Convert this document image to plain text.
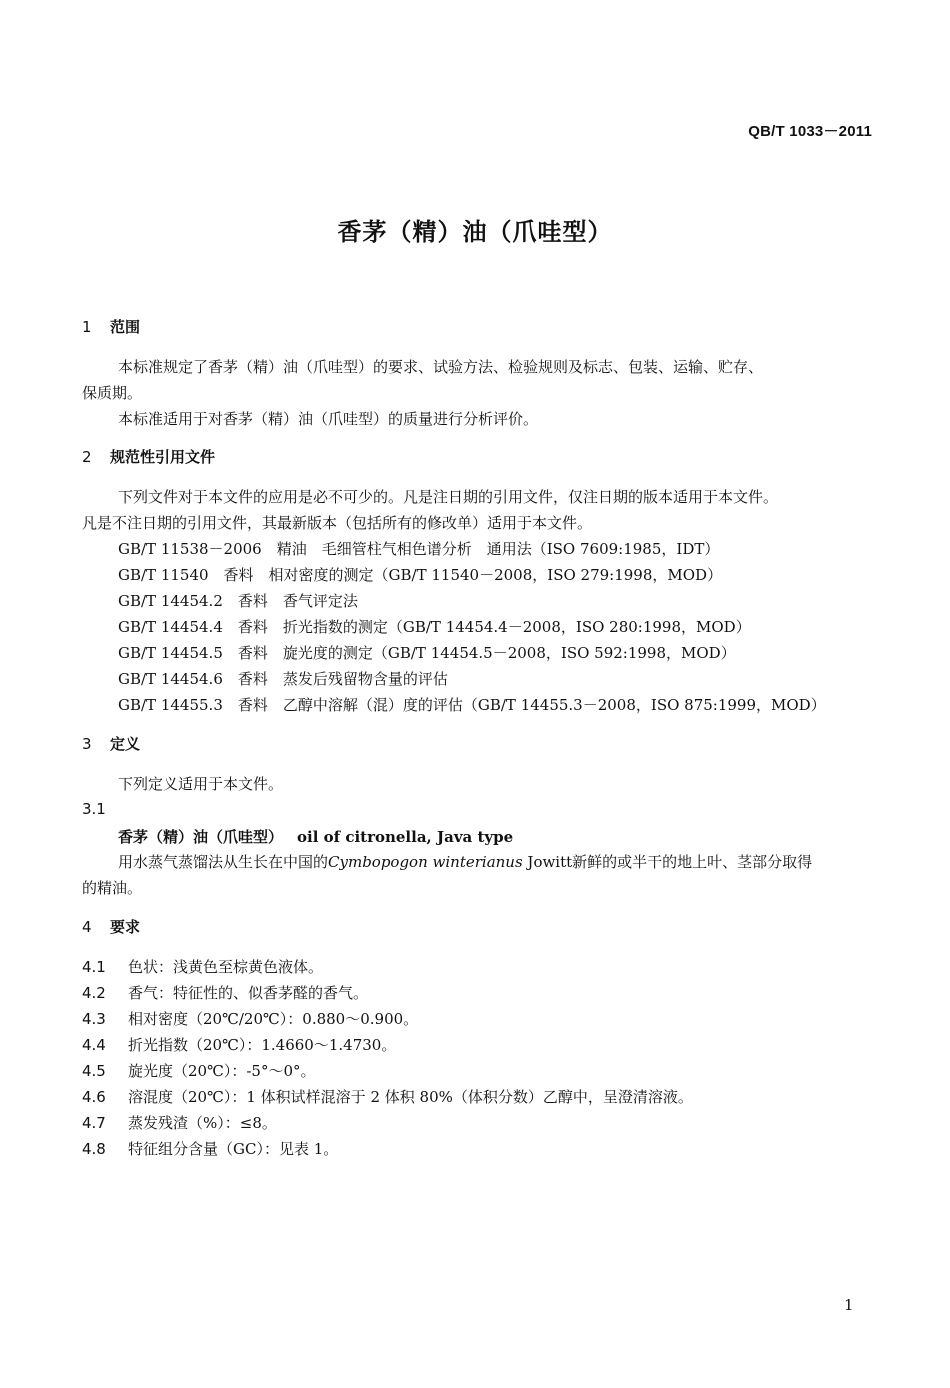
QB/T 1033－2011
香茅（精）油（爪哇型）
1 范围
本标准规定了香茅（精）油（爪哇型）的要求、试验方法、检验规则及标志、包装、运输、贮存、
保质期。
本标准适用于对香茅（精）油（爪哇型）的质量进行分析评价。
2 规范性引用文件
下列文件对于本文件的应用是必不可少的。凡是注日期的引用文件，仅注日期的版本适用于本文件。
凡是不注日期的引用文件，其最新版本（包括所有的修改单）适用于本文件。
GB/T 11538－2006　精油　毛细管柱气相色谱分析　通用法（ISO 7609:1985，IDT）
GB/T 11540　香料　相对密度的测定（GB/T 11540－2008，ISO 279:1998，MOD）
GB/T 14454.2　香料　香气评定法
GB/T 14454.4　香料　折光指数的测定（GB/T 14454.4－2008，ISO 280:1998，MOD）
GB/T 14454.5　香料　旋光度的测定（GB/T 14454.5－2008，ISO 592:1998，MOD）
GB/T 14454.6　香料　蒸发后残留物含量的评估
GB/T 14455.3　香料　乙醇中溶解（混）度的评估（GB/T 14455.3－2008，ISO 875:1999，MOD）
3 定义
下列定义适用于本文件。
3.1
香茅（精）油（爪哇型） oil of citronella, Java type
用水蒸气蒸馏法从生长在中国的Cymbopogon winterianus Jowitt新鲜的或半干的地上叶、茎部分取得
的精油。
4 要求
4.1 色状：浅黄色至棕黄色液体。
4.2 香气：特征性的、似香茅醛的香气。
4.3 相对密度（20℃/20℃）：0.880～0.900。
4.4 折光指数（20℃）：1.4660～1.4730。
4.5 旋光度（20℃）：-5°～0°。
4.6 溶混度（20℃）：1 体积试样混溶于 2 体积 80%（体积分数）乙醇中，呈澄清溶液。
4.7 蒸发残渣（%）：≤8。
4.8 特征组分含量（GC）：见表 1。
1
